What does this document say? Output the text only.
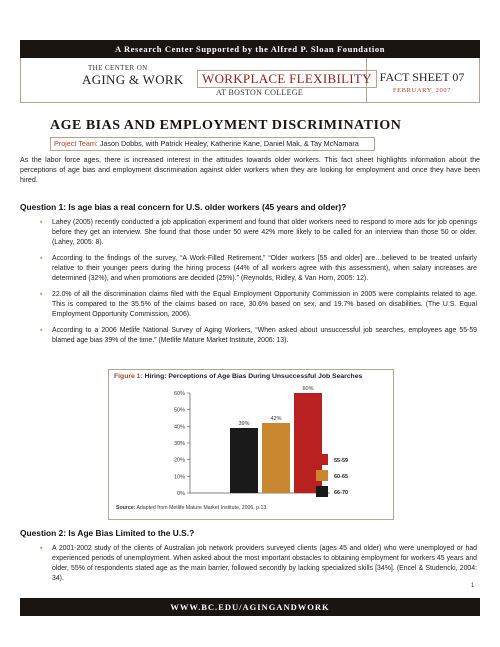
A Research Center Supported by the Alfred P. Sloan Foundation
THE CENTER ON
AGING & WORK	WORKPLACE FLEXIBILITY
AT BOSTON COLLEGE
FACT SHEET 07
FEBRUARY, 2007
AGE BIAS AND EMPLOYMENT DISCRIMINATION
Project Team: Jason Dobbs, with Patrick Healey, Katherine Kane, Daniel Mak, & Tay McNamara
As the labor force ages, there is increased interest in the attitudes towards older workers. This fact sheet highlights information about the perceptions of age bias and employment discrimination against older workers when they are looking for employment and once they have been hired.
Question 1: Is age bias a real concern for U.S. older workers (45 years and older)?
▪ Lahey (2005) recently conducted a job application experiment and found that older workers need to respond to more ads for job openings before they get an interview. She found that those under 50 were 42% more likely to be called for an interview than those 50 or older. (Lahey, 2005: 8).
▪ According to the findings of the survey, “A Work-Filled Retirement,” “Older workers [55 and older] are…believed to be treated unfairly relative to their younger peers during the hiring process (44% of all workers agree with this assessment), when salary increases are determined (32%), and when promotions are decided (25%).” (Reynolds, Ridley, & Van Horn, 2005: 12).
▪ 22.0% of all the discrimination claims filed with the Equal Employment Opportunity Commission in 2005 were complaints related to age. This is compared to the 35.5% of the claims based on race, 30.6% based on sex, and 19.7% based on disabilities. (The U.S. Equal Employment Opportunity Commission, 2006).
▪ According to a 2006 Metlife National Survey of Aging Workers, “When asked about unsuccessful job searches, employees age 55-59 blamed age bias 39% of the time.” (Metlife Mature Market Institute, 2006: 13).
Figure 1: Hiring: Perceptions of Age Bias During Unsuccessful Job Searches
0%
10%
20%
30%
40%
50%
60%
39%
42%
60%
55-59
60-65
66-70
Source: Adapted from Metlife Mature Market Institute, 2006, p.13.
Question 2: Is Age Bias Limited to the U.S.?
▪ A 2001-2002 study of the clients of Australian job network providers surveyed clients (ages 45 and older) who were unemployed or had experienced periods of unemployment. When asked about the most important obstacles to obtaining employment for workers 45 years and older, 55% of respondents stated age as the main barrier, followed secondly by lacking specialized skills [34%]. (Encel & Studencki, 2004: 34).
1
WWW.BC.EDU/AGINGANDWORK
